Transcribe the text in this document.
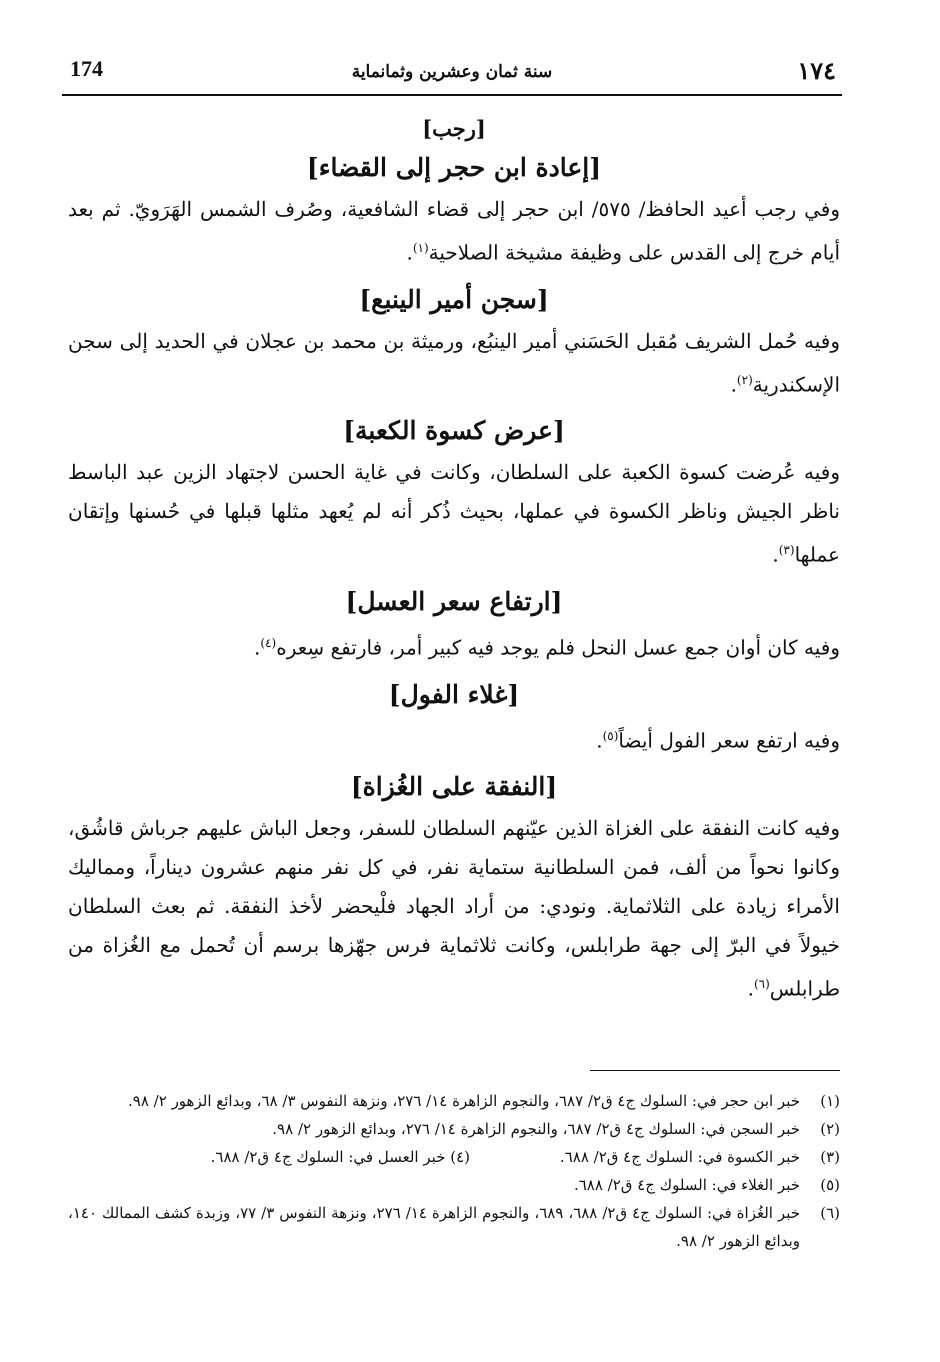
174	سنة ثمان وعشرين وثمانماية	١٧٤
[رجب]
[إعادة ابن حجر إلى القضاء]

وفي رجب أعيد الحافظ/ ٥٧٥/ ابن حجر إلى قضاء الشافعية، وصُرف الشمس الهَرَويّ. ثم بعد أيام خرج إلى القدس على وظيفة مشيخة الصلاحية$^{(١)}$.

[سجن أمير الينبع]

وفيه حُمل الشريف مُقبل الحَسَني أمير الينبُع، ورميثة بن محمد بن عجلان في الحديد إلى سجن الإسكندرية$^{(٢)}$.

[عرض كسوة الكعبة]

وفيه عُرضت كسوة الكعبة على السلطان، وكانت في غاية الحسن لاجتهاد الزين عبد الباسط ناظر الجيش وناظر الكسوة في عملها، بحيث ذُكر أنه لم يُعهد مثلها قبلها في حُسنها وإتقان عملها$^{(٣)}$.

[ارتفاع سعر العسل]

وفيه كان أوان جمع عسل النحل فلم يوجد فيه كبير أمر، فارتفع سِعره$^{(٤)}$.

[غلاء الفول]

وفيه ارتفع سعر الفول أيضاً$^{(٥)}$.

[النفقة على الغُزاة]

وفيه كانت النفقة على الغزاة الذين عيّنهم السلطان للسفر، وجعل الباش عليهم جرباش قاشُق، وكانوا نحواً من ألف، فمن السلطانية ستماية نفر، في كل نفر منهم عشرون ديناراً، ومماليك الأمراء زيادة على الثلاثماية. ونودي: من أراد الجهاد فلْيحضر لأخذ النفقة. ثم بعث السلطان خيولاً في البرّ إلى جهة طرابلس، وكانت ثلاثماية فرس جهّزها برسم أن تُحمل مع الغُزاة من طرابلس$^{(٦)}$.

(١)
خبر ابن حجر في: السلوك ج٤ ق٢/ ٦٨٧، والنجوم الزاهرة ١٤/ ٢٧٦، ونزهة النفوس ٣/ ٦٨، وبدائع الزهور ٢/ ٩٨.
(٢)
خبر السجن في: السلوك ج٤ ق٢/ ٦٨٧، والنجوم الزاهرة ١٤/ ٢٧٦، وبدائع الزهور ٢/ ٩٨.
(٣)
خبر الكسوة في: السلوك ج٤ ق٢/ ٦٨٨.
(٤) خبر العسل في: السلوك ج٤ ق٢/ ٦٨٨.
(٥)
خبر الغلاء في: السلوك ج٤ ق٢/ ٦٨٨.
(٦)
خبر الغُزاة في: السلوك ج٤ ق٢/ ٦٨٨، ٦٨٩، والنجوم الزاهرة ١٤/ ٢٧٦، ونزهة النفوس ٣/ ٧٧، وزبدة كشف الممالك ١٤٠، وبدائع الزهور ٢/ ٩٨.
